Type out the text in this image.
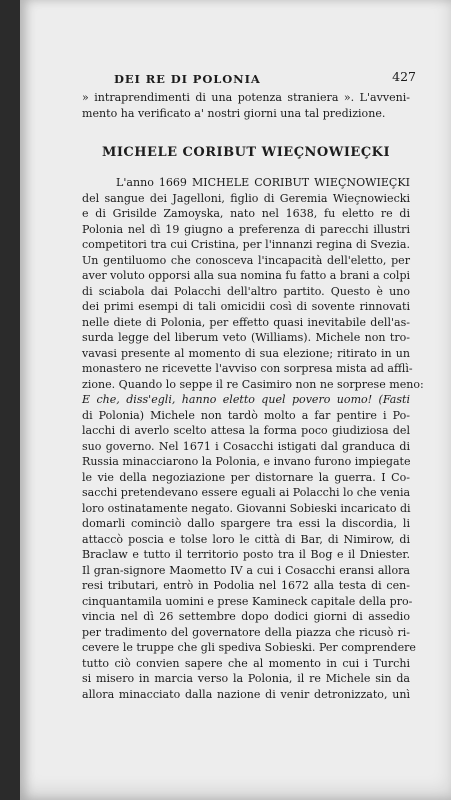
DEI RE DI POLONIA	427
» intraprendimenti di una potenza straniera ». L'avveni-
mento ha verificato a' nostri giorni una tal predizione.
MICHELE CORIBUT WIEÇNOWIEÇKI
L'anno 1669 MICHELE CORIBUT WIEÇNOWIEÇKI
del sangue dei Jagelloni, figlio di Geremia Wieçnowiecki
e di Grisilde Zamoyska, nato nel 1638, fu eletto re di
Polonia nel dì 19 giugno a preferenza di parecchi illustri
competitori tra cui Cristina, per l'innanzi regina di Svezia.
Un gentiluomo che conosceva l'incapacità dell'eletto, per
aver voluto opporsi alla sua nomina fu fatto a brani a colpi
di sciabola dai Polacchi dell'altro partito. Questo è uno
dei primi esempi di tali omicidii così di sovente rinnovati
nelle diete di Polonia, per effetto quasi inevitabile dell'as-
surda legge del liberum veto (Williams). Michele non tro-
vavasi presente al momento di sua elezione; ritirato in un
monastero ne ricevette l'avviso con sorpresa mista ad afflì-
zione. Quando lo seppe il re Casimiro non ne sorprese meno:
E che, diss'egli, hanno eletto quel povero uomo! (Fasti
di Polonia) Michele non tardò molto a far pentire i Po-
lacchi di averlo scelto attesa la forma poco giudiziosa del
suo governo. Nel 1671 i Cosacchi istigati dal granduca di
Russia minacciarono la Polonia, e invano furono impiegate
le vie della negoziazione per distornare la guerra. I Co-
sacchi pretendevano essere eguali ai Polacchi lo che venia
loro ostinatamente negato. Giovanni Sobieski incaricato di
domarli cominciò dallo spargere tra essi la discordia, li
attaccò poscia e tolse loro le città di Bar, di Nimirow, di
Braclaw e tutto il territorio posto tra il Bog e il Dniester.
Il gran-signore Maometto IV a cui i Cosacchi eransi allora
resi tributari, entrò in Podolia nel 1672 alla testa di cen-
cinquantamila uomini e prese Kamineck capitale della pro-
vincia nel dì 26 settembre dopo dodici giorni di assedio
per tradimento del governatore della piazza che ricusò ri-
cevere le truppe che gli spediva Sobieski. Per comprendere
tutto ciò convien sapere che al momento in cui i Turchi
si misero in marcia verso la Polonia, il re Michele sin da
allora minacciato dalla nazione di venir detronizzato, unì
